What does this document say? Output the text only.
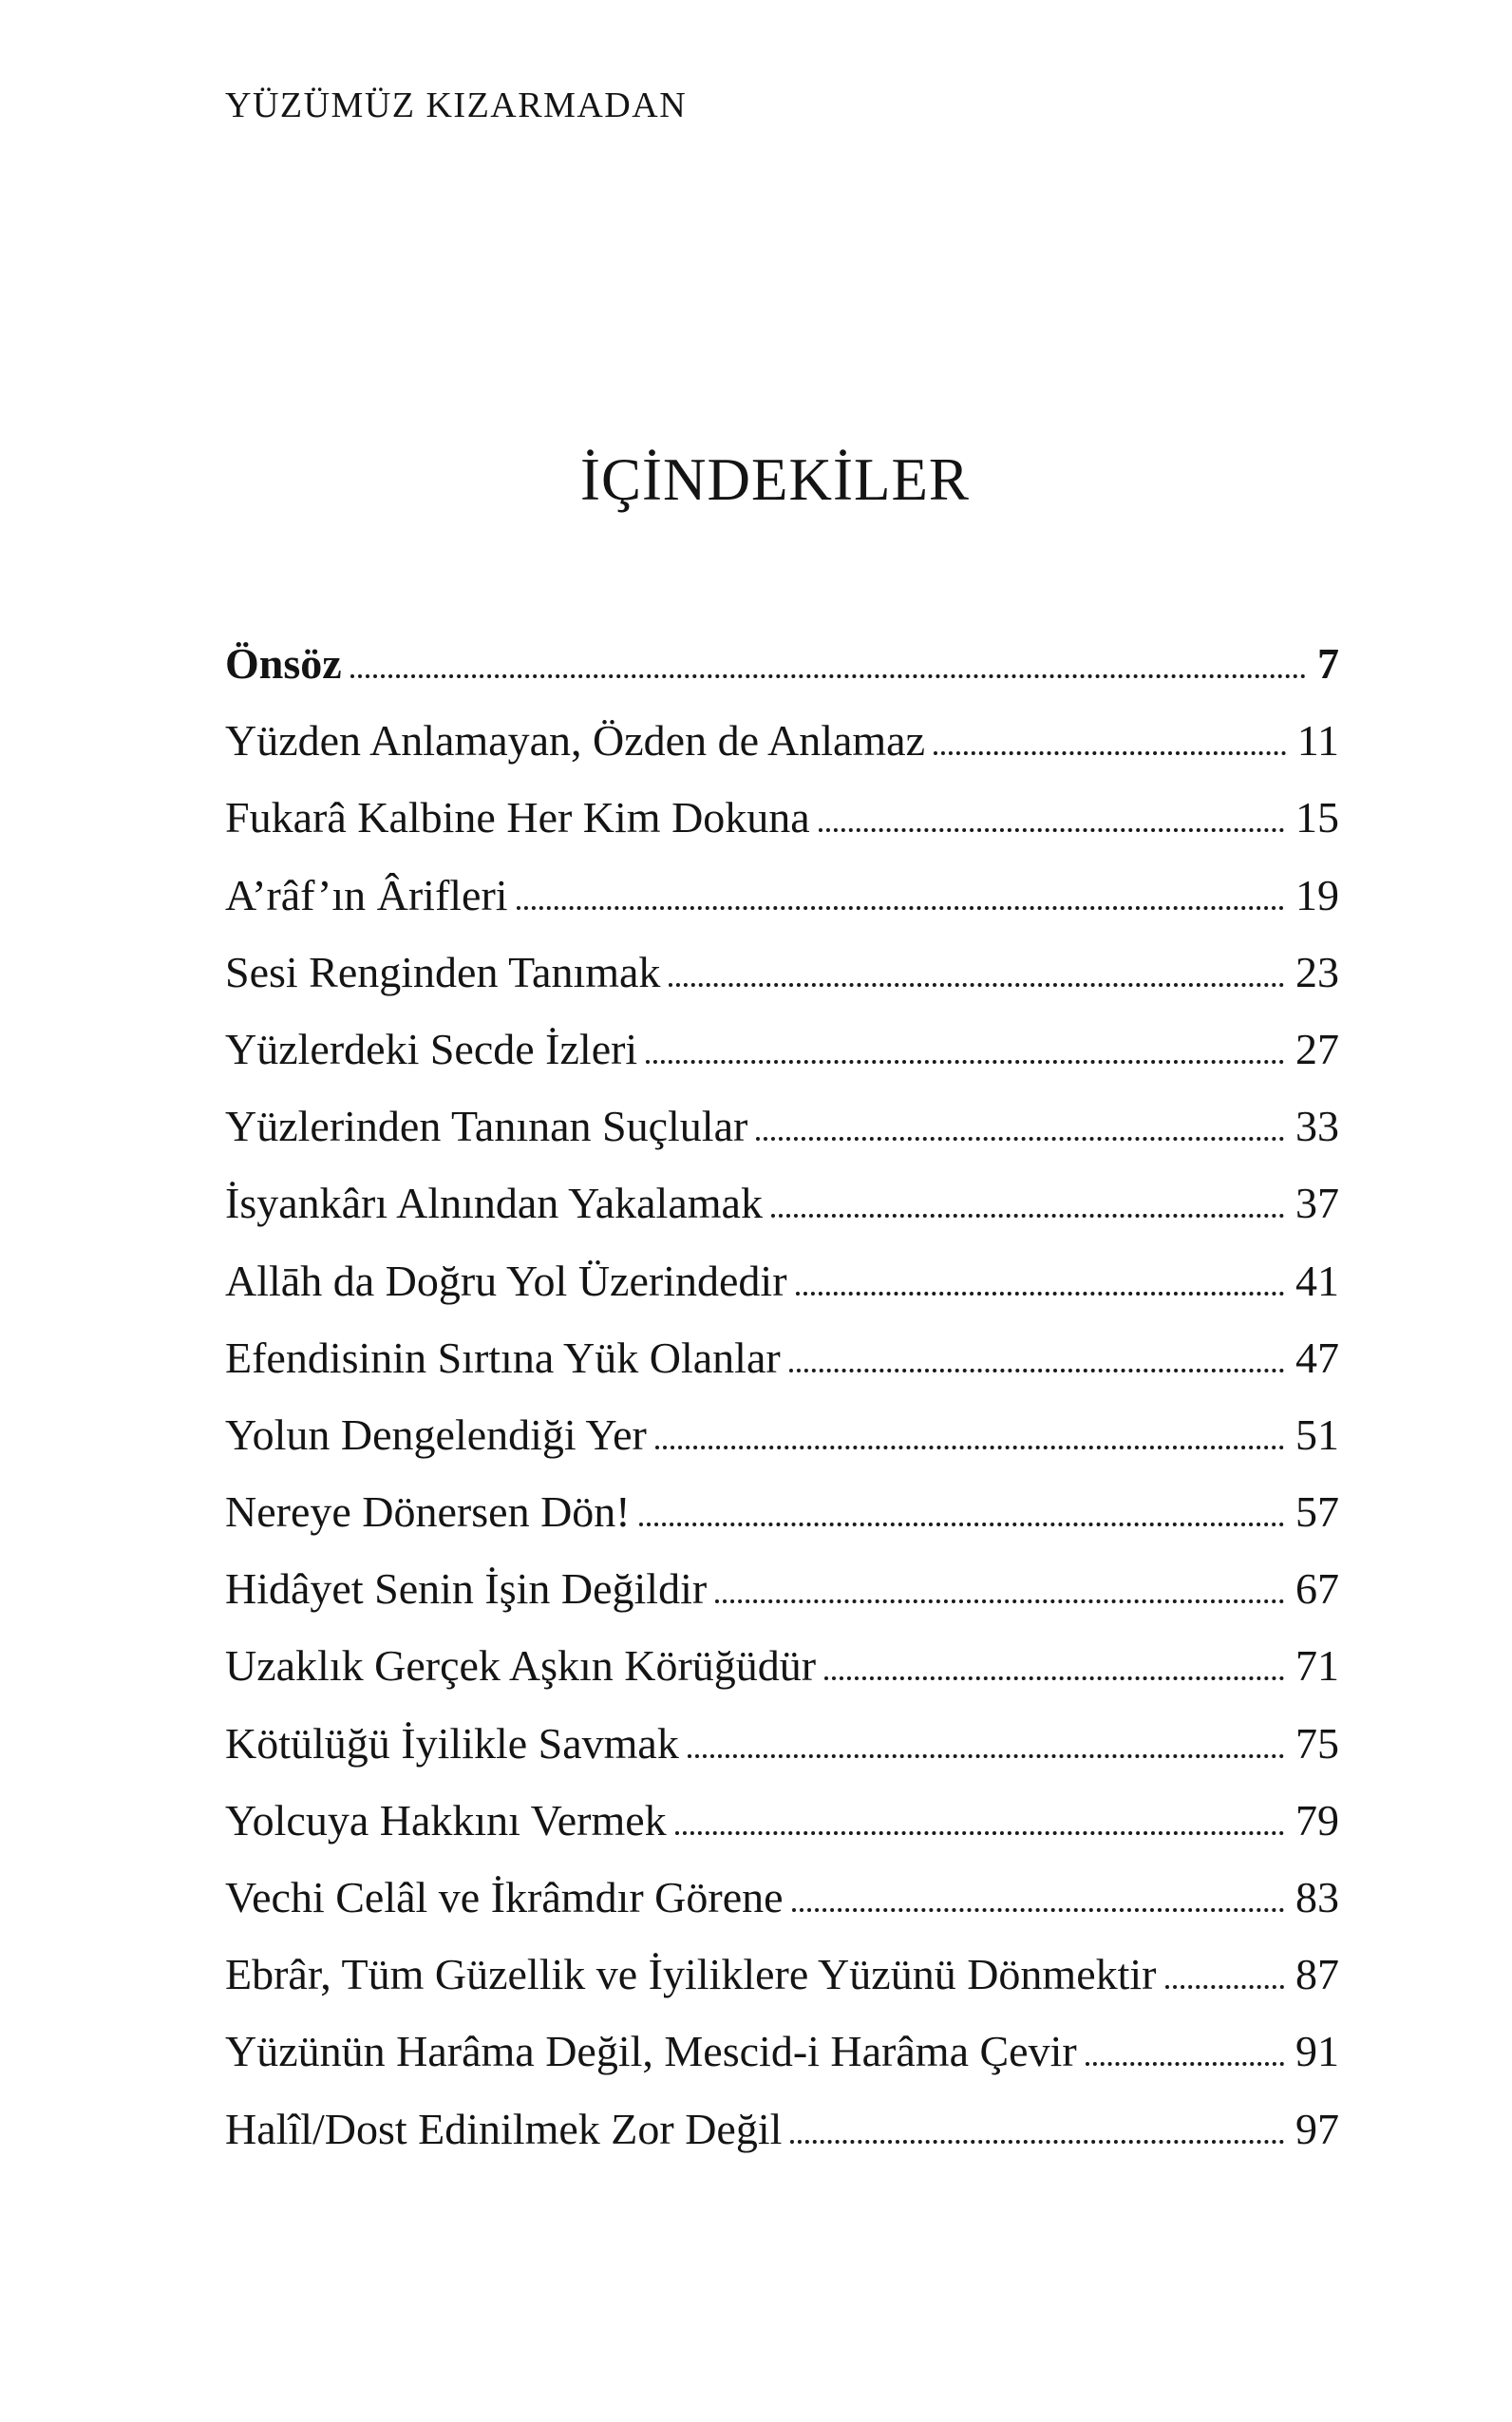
YÜZÜMÜZ KIZARMADAN
İÇİNDEKİLER
Önsöz	7
Yüzden Anlamayan, Özden de Anlamaz	11
Fukarâ Kalbine Her Kim Dokuna	15
A’râf’ın Ârifleri	19
Sesi Renginden Tanımak	23
Yüzlerdeki Secde İzleri	27
Yüzlerinden Tanınan Suçlular	33
İsyankârı Alnından Yakalamak	37
Allāh da Doğru Yol Üzerindedir	41
Efendisinin Sırtına Yük Olanlar	47
Yolun Dengelendiği Yer	51
Nereye Dönersen Dön!	57
Hidâyet Senin İşin Değildir	67
Uzaklık Gerçek Aşkın Körüğüdür	71
Kötülüğü İyilikle Savmak	75
Yolcuya Hakkını Vermek	79
Vechi Celâl ve İkrâmdır Görene	83
Ebrâr, Tüm Güzellik ve İyiliklere Yüzünü Dönmektir	87
Yüzünün Harâma Değil, Mescid-i Harâma Çevir	91
Halîl/Dost Edinilmek Zor Değil	97
